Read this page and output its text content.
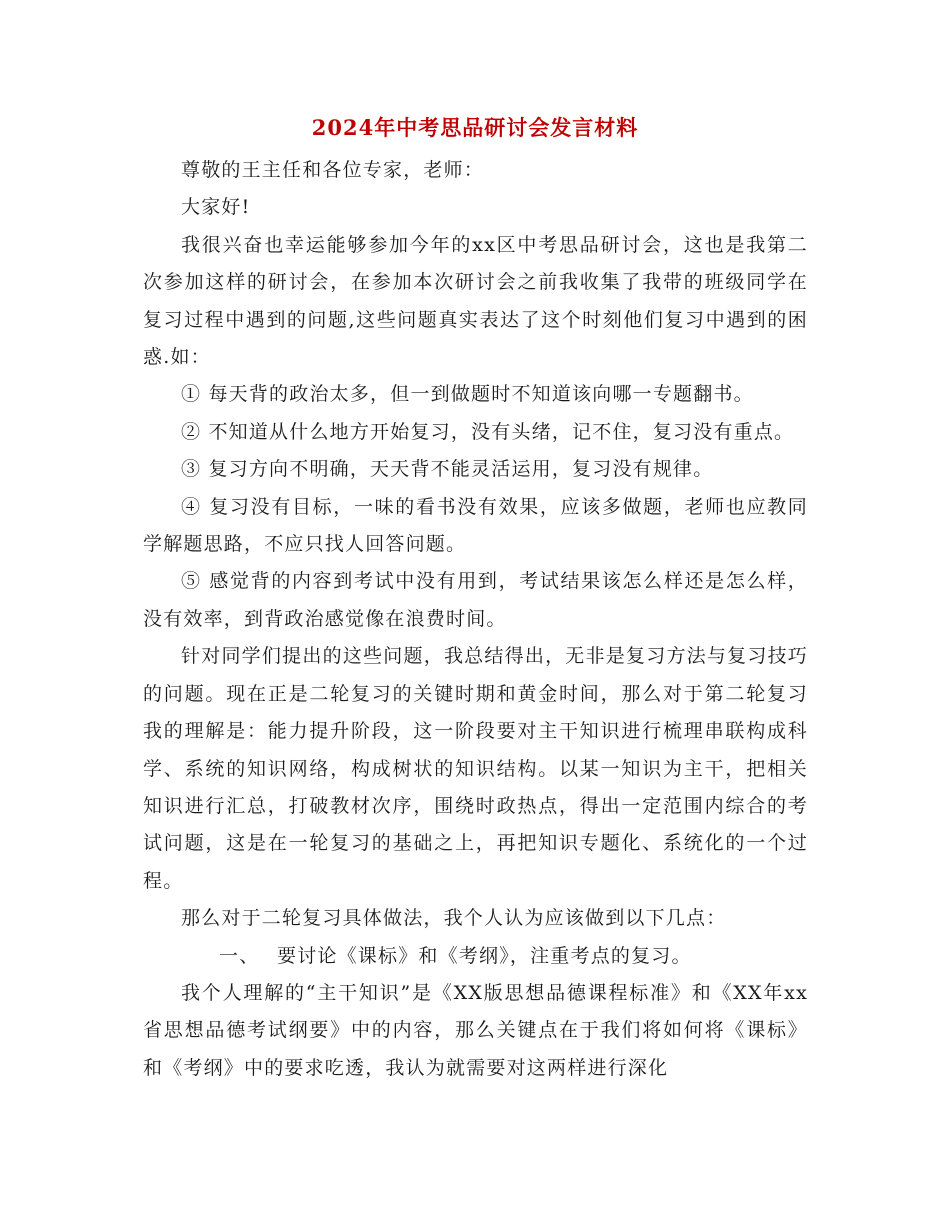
2024年中考思品研讨会发言材料

尊敬的王主任和各位专家，老师：

大家好!

我很兴奋也幸运能够参加今年的xx区中考思品研讨会，这也是我第二次参加这样的研讨会，在参加本次研讨会之前我收集了我带的班级同学在复习过程中遇到的问题,这些问题真实表达了这个时刻他们复习中遇到的困惑.如：

① 每天背的政治太多，但一到做题时不知道该向哪一专题翻书。

② 不知道从什么地方开始复习，没有头绪，记不住，复习没有重点。

③ 复习方向不明确，天天背不能灵活运用，复习没有规律。

④ 复习没有目标，一味的看书没有效果，应该多做题，老师也应教同学解题思路，不应只找人回答问题。

⑤ 感觉背的内容到考试中没有用到，考试结果该怎么样还是怎么样，没有效率，到背政治感觉像在浪费时间。

针对同学们提出的这些问题，我总结得出，无非是复习方法与复习技巧的问题。现在正是二轮复习的关键时期和黄金时间，那么对于第二轮复习我的理解是：能力提升阶段，这一阶段要对主干知识进行梳理串联构成科学、系统的知识网络，构成树状的知识结构。以某一知识为主干，把相关知识进行汇总，打破教材次序，围绕时政热点，得出一定范围内综合的考试问题，这是在一轮复习的基础之上，再把知识专题化、系统化的一个过程。

那么对于二轮复习具体做法，我个人认为应该做到以下几点：

一、 要讨论《课标》和《考纲》，注重考点的复习。

我个人理解的“主干知识”是《XX版思想品德课程标准》和《XX年xx省思想品德考试纲要》中的内容，那么关键点在于我们将如何将《课标》和《考纲》中的要求吃透，我认为就需要对这两样进行深化
